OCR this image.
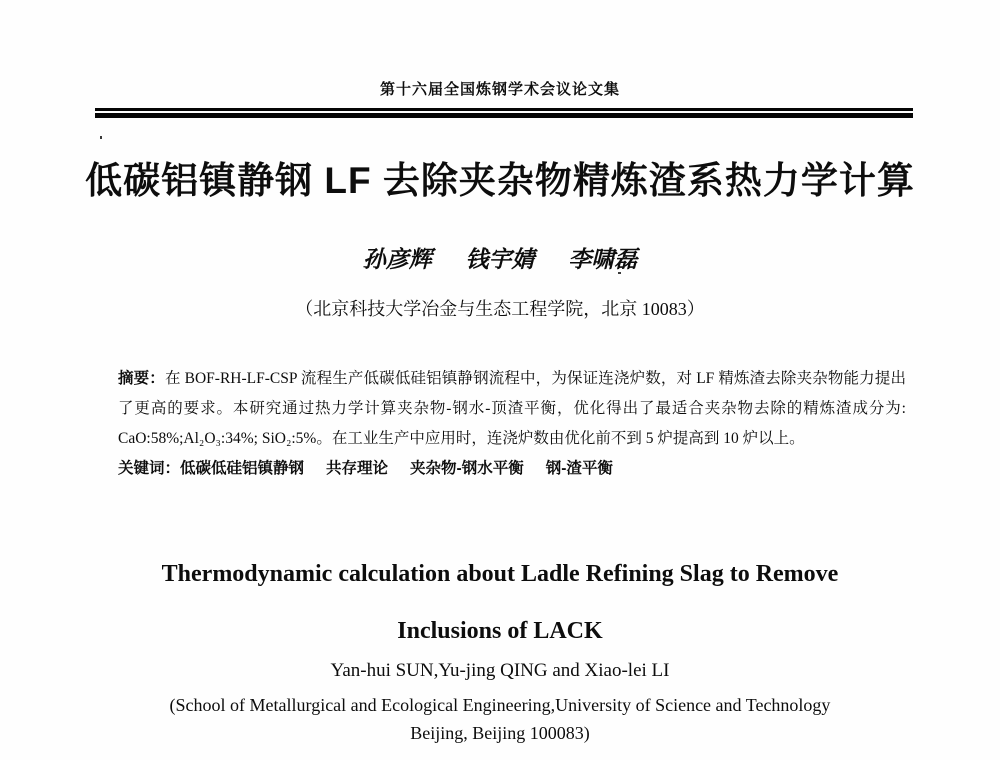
第十六届全国炼钢学术会议论文集
低碳铝镇静钢 LF 去除夹杂物精炼渣系热力学计算
孙彦辉 钱宇婧 李啸磊
（北京科技大学冶金与生态工程学院，北京 10083）

摘要：在 BOF-RH-LF-CSP 流程生产低碳低硅铝镇静钢流程中，为保证连浇炉数，对 LF 精炼渣去除夹杂物能力提出了更高的要求。本研究通过热力学计算夹杂物-钢水-顶渣平衡，优化得出了最适合夹杂物去除的精炼渣成分为: CaO:58%;Al₂O₃:34%; SiO₂:5%。在工业生产中应用时，连浇炉数由优化前不到 5 炉提高到 10 炉以上。

关键词：低碳低硅铝镇静钢 共存理论 夹杂物-钢水平衡 钢-渣平衡

Thermodynamic calculation about Ladle Refining Slag to Remove
Inclusions of LACK
Yan-hui SUN,Yu-jing QING and Xiao-lei LI
(School of Metallurgical and Ecological Engineering,University of Science and Technology
Beijing, Beijing 100083)
